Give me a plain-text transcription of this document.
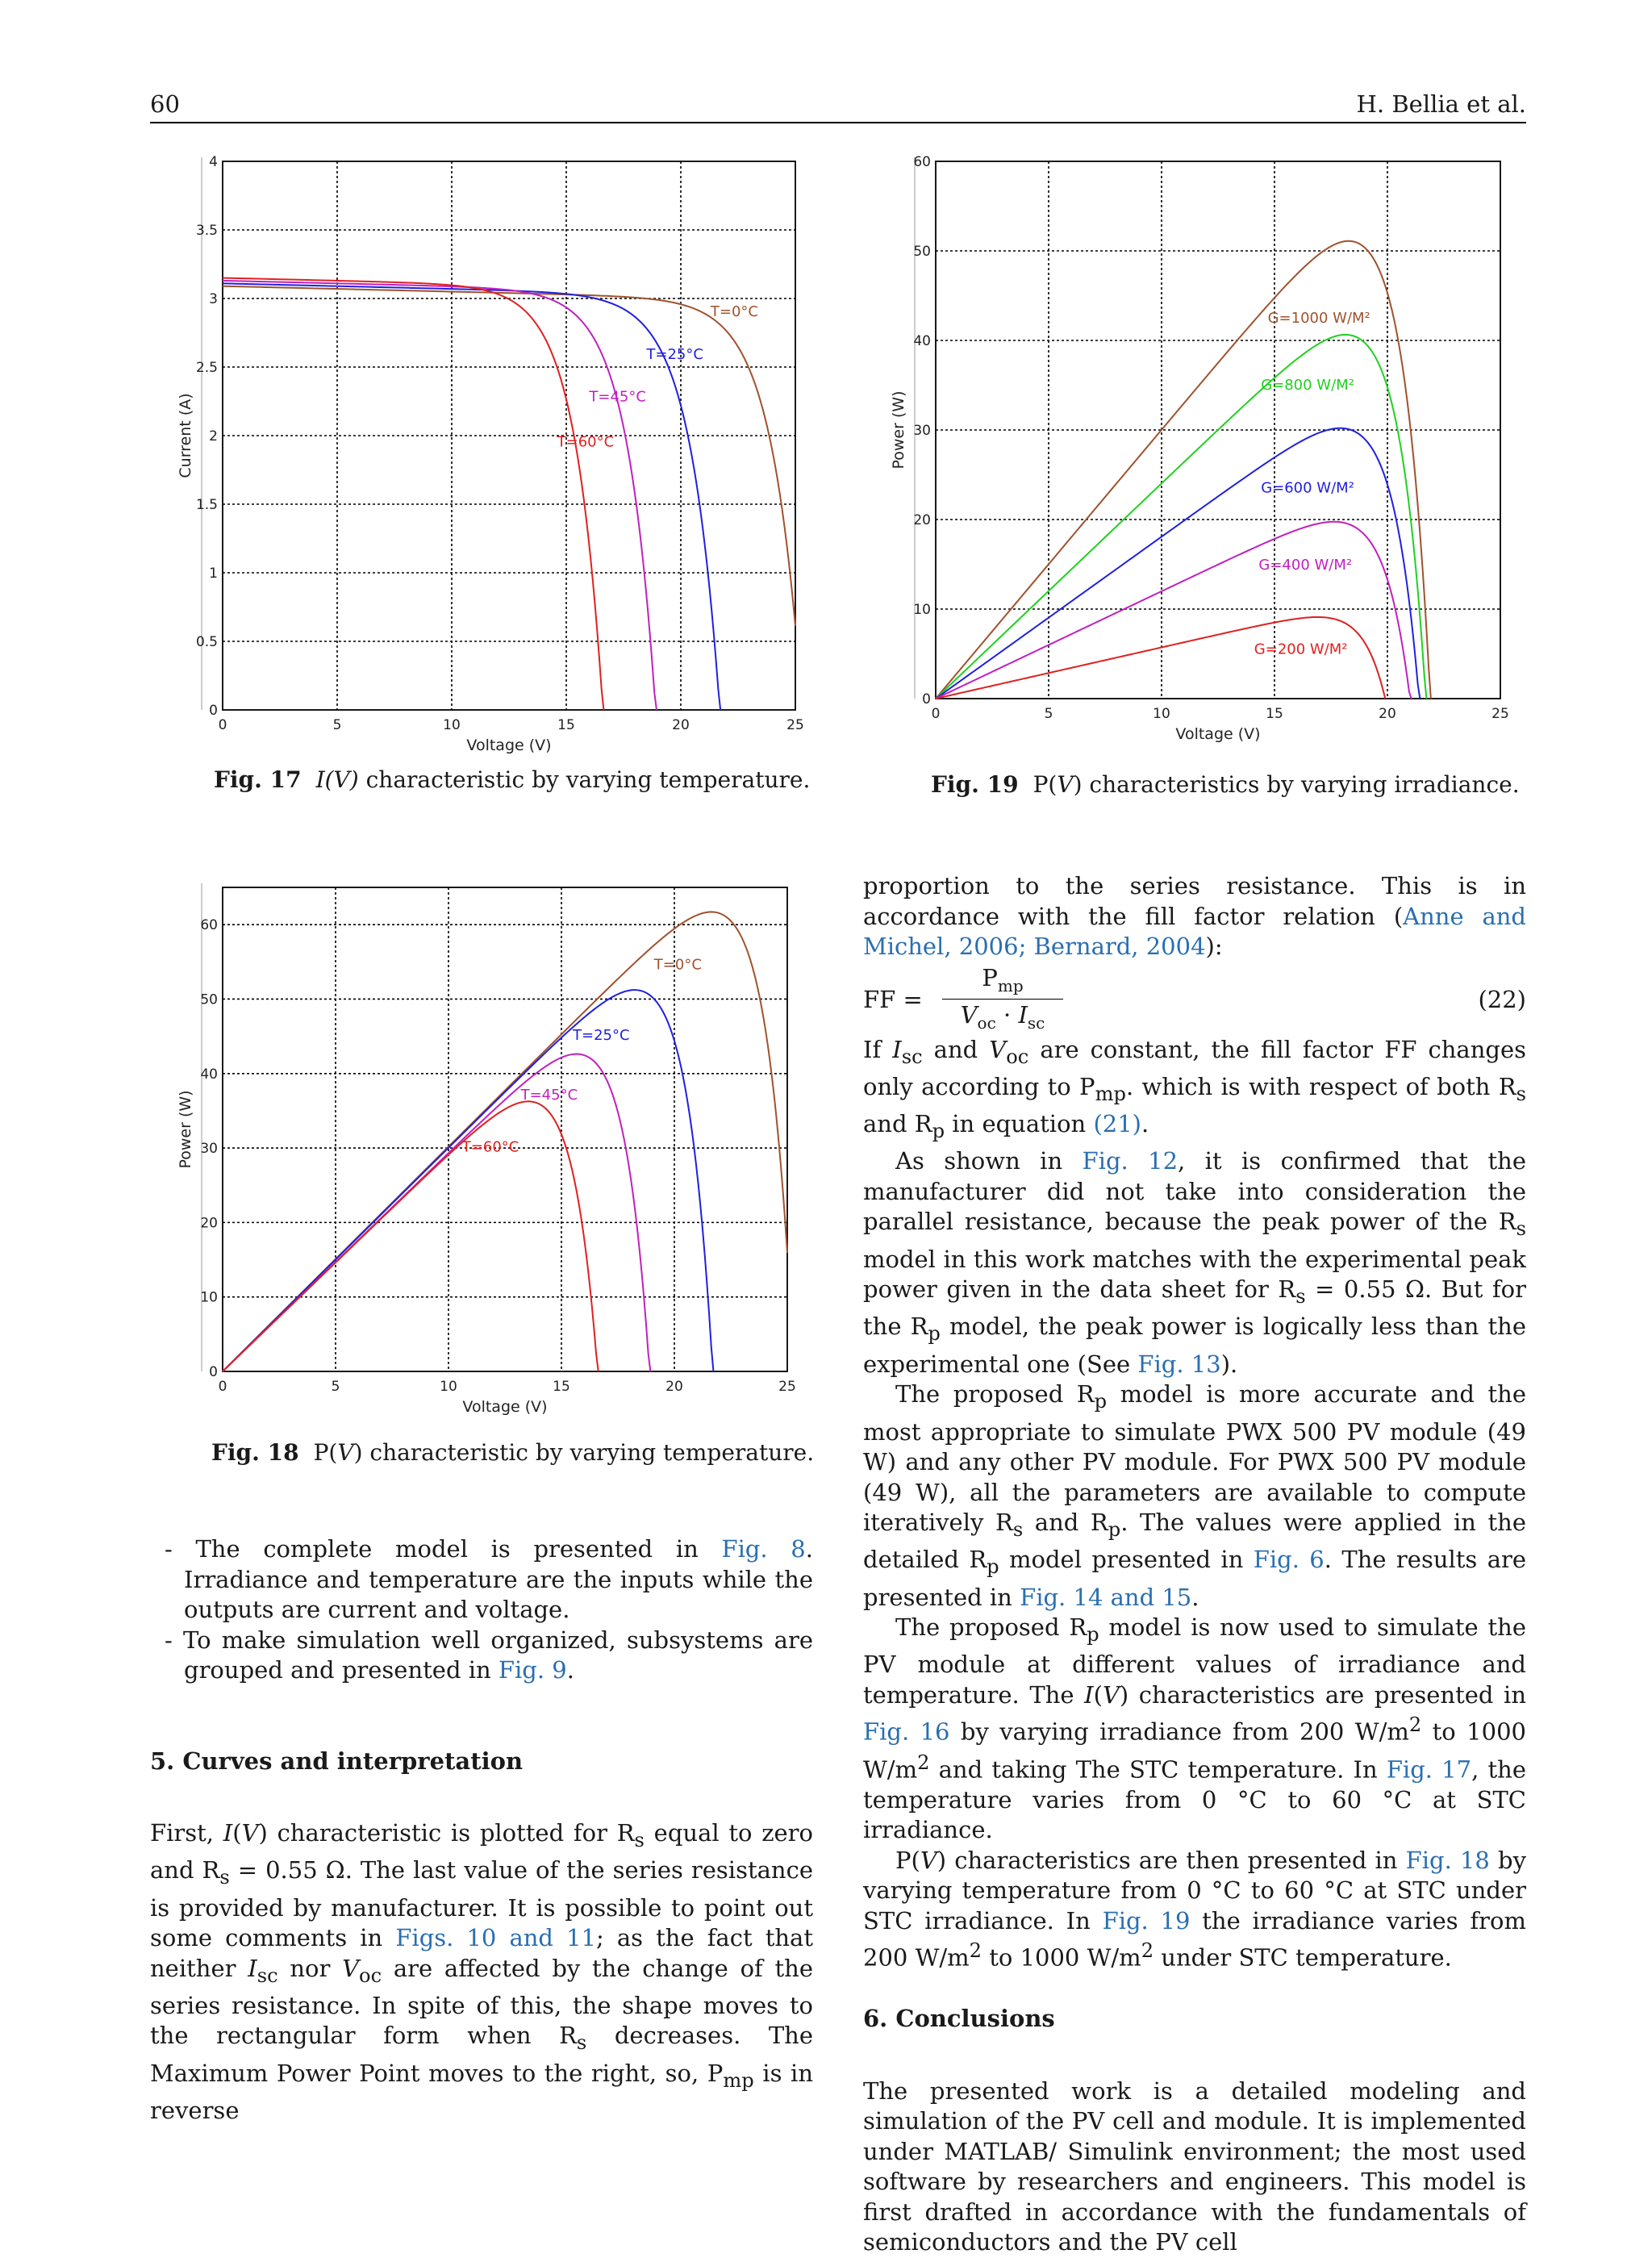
60	H. Bellia et al.
0	5	10	15	20	25
0
0.5
1
1.5
2
2.5
3
3.5
4
Voltage (V)
Current (A)
T=0°C
T=25°C
T=45°C
T=60°C
Fig. 17 I(V) characteristic by varying temperature.
0	5	10	15	20	25
0
10
20
30
40
50
60
Voltage (V)
Power (W)
G=1000 W/M²
G=800 W/M²
G=600 W/M²
G=400 W/M²
G=200 W/M²
Fig. 19 P(V) characteristics by varying irradiance.
0	5	10	15	20	25
0
10
20
30
40
50
60
Voltage (V)
Power (W)
T=0°C
T=25°C
T=45°C
T=60°C
Fig. 18 P(V) characteristic by varying temperature.

- The complete model is presented in Fig. 8. Irradiance and temperature are the inputs while the outputs are current and voltage.

- To make simulation well organized, subsystems are grouped and presented in Fig. 9.

5. Curves and interpretation

First, I(V) characteristic is plotted for $R_s$ equal to zero and $R_s = 0.55$ Ω. The last value of the series resistance is provided by manufacturer. It is possible to point out some comments in Figs. 10 and 11; as the fact that neither $I_{sc}$ nor $V_{oc}$ are affected by the change of the series resistance. In spite of this, the shape moves to the rectangular form when $R_s$ decreases. The Maximum Power Point moves to the right, so, $P_{mp}$ is in reverse

proportion to the series resistance. This is in accordance with the fill factor relation (Anne and Michel, 2006; Bernard, 2004):

FF =
$P_{mp}$
$V_{oc} \cdot I_{sc}$
(22)

If $I_{sc}$ and $V_{oc}$ are constant, the fill factor FF changes only according to $P_{mp}$. which is with respect of both $R_s$ and $R_p$ in equation (21).

As shown in Fig. 12, it is confirmed that the manufacturer did not take into consideration the parallel resistance, because the peak power of the $R_s$ model in this work matches with the experimental peak power given in the data sheet for $R_s = 0.55$ Ω. But for the $R_p$ model, the peak power is logically less than the experimental one (See Fig. 13).

The proposed $R_p$ model is more accurate and the most appropriate to simulate PWX 500 PV module (49 W) and any other PV module. For PWX 500 PV module (49 W), all the parameters are available to compute iteratively $R_s$ and $R_p$. The values were applied in the detailed $R_p$ model presented in Fig. 6. The results are presented in Fig. 14 and 15.

The proposed $R_p$ model is now used to simulate the PV module at different values of irradiance and temperature. The I(V) characteristics are presented in Fig. 16 by varying irradiance from 200 $W/m^2$ to 1000 $W/m^2$ and taking The STC temperature. In Fig. 17, the temperature varies from 0 °C to 60 °C at STC irradiance.

P(V) characteristics are then presented in Fig. 18 by varying temperature from 0 °C to 60 °C at STC under STC irradiance. In Fig. 19 the irradiance varies from 200 $W/m^2$ to 1000 $W/m^2$ under STC temperature.

6. Conclusions

The presented work is a detailed modeling and simulation of the PV cell and module. It is implemented under MATLAB/ Simulink environment; the most used software by researchers and engineers. This model is first drafted in accordance with the fundamentals of semiconductors and the PV cell
